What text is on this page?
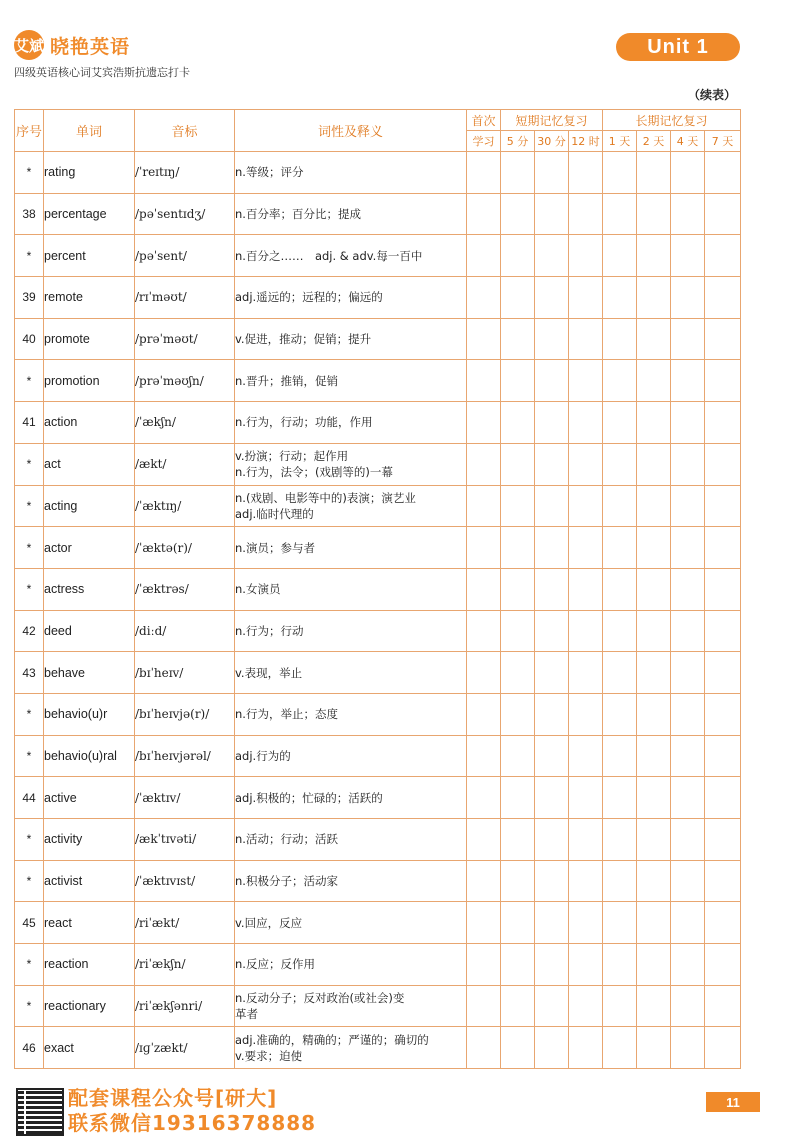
艾斌 晓艳英语
四级英语核心词艾宾浩斯抗遗忘打卡
Unit 1
（续表）
序号	单词	音标	词性及释义	首次	短期记忆复习			长期记忆复习			
				学习	5 分	30 分	12 时	1 天	2 天	4 天	7 天
*	rating	/ˈreɪtɪŋ/	n.等级；评分								

38	percentage	/pəˈsentɪdʒ/	n.百分率；百分比；提成								

*	percent	/pəˈsent/	n.百分之……　adj. & adv.每一百中								

39	remote	/rɪˈməʊt/	adj.遥远的；远程的；偏远的								

40	promote	/prəˈməʊt/	v.促进，推动；促销；提升								

*	promotion	/prəˈməʊʃn/	n.晋升；推销，促销								

41	action	/ˈækʃn/	n.行为，行动；功能，作用								

*	act	/ækt/	v.扮演；行动；起作用
n.行为，法令；(戏剧等的)一幕								

*	acting	/ˈæktɪŋ/	n.(戏剧、电影等中的)表演；演艺业
adj.临时代理的								

*	actor	/ˈæktə(r)/	n.演员；参与者								

*	actress	/ˈæktrəs/	n.女演员								

42	deed	/diːd/	n.行为；行动								

43	behave	/bɪˈheɪv/	v.表现，举止								

*	behavio(u)r	/bɪˈheɪvjə(r)/	n.行为，举止；态度								

*	behavio(u)ral	/bɪˈheɪvjərəl/	adj.行为的								

44	active	/ˈæktɪv/	adj.积极的；忙碌的；活跃的								

*	activity	/ækˈtɪvəti/	n.活动；行动；活跃								

*	activist	/ˈæktɪvɪst/	n.积极分子；活动家								

45	react	/riˈækt/	v.回应，反应								

*	reaction	/riˈækʃn/	n.反应；反作用								

*	reactionary	/riˈækʃənri/	n.反动分子；反对政治(或社会)变
革者								

46	exact	/ɪɡˈzækt/	adj.准确的，精确的；严谨的；确切的
v.要求；迫使								

配套课程公众号[研大]
联系微信19316378888
11
